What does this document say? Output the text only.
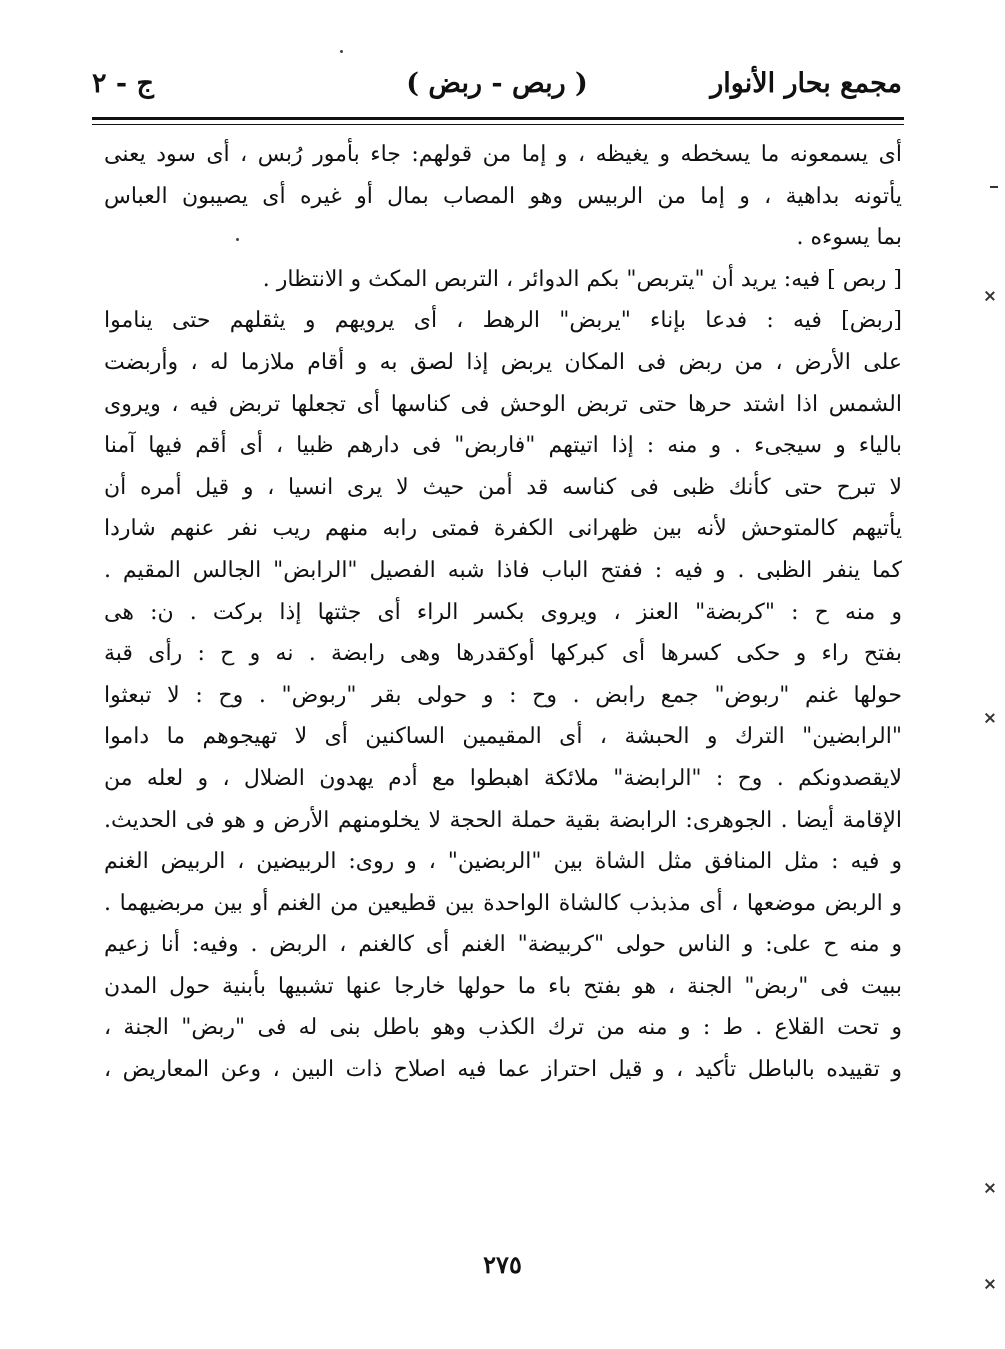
مجمع بحار الأنوار
( ربص - ربض )
ج - ٢
أى يسمعونه ما يسخطه و يغيظه ، و إما من قولهم: جاء بأمور رُبس ، أى سود يعنى
يأتونه بداهية ، و إما من الربيس وهو المصاب بمال أو غيره أى يصيبون العباس
بما يسوءه .
[ ربص ] فيه: يريد أن "يتربص" بكم الدوائر ، التربص المكث و الانتظار .
[ربض] فيه : فدعا بإناء "يربض" الرهط ، أى يرويهم و يثقلهم حتى يناموا
على الأرض ، من ربض فى المكان يربض إذا لصق به و أقام ملازما له ، وأربضت
الشمس اذا اشتد حرها حتى تربض الوحش فى كناسها أى تجعلها تربض فيه ، ويروى
بالياء و سيجىء . و منه : إذا اتيتهم "فاربض" فى دارهم ظبيا ، أى أقم فيها آمنا
لا تبرح حتى كأنك ظبى فى كناسه قد أمن حيث لا يرى انسيا ، و قيل أمره أن
يأتيهم كالمتوحش لأنه بين ظهرانى الكفرة فمتى رابه منهم ريب نفر عنهم شاردا
كما ينفر الظبى . و فيه : ففتح الباب فاذا شبه الفصيل "الرابض" الجالس المقيم .
و منه ح : "كربضة" العنز ، ويروى بكسر الراء أى جثتها إذا بركت . ن: هى
بفتح راء و حكى كسرها أى كبركها أوكقدرها وهى رابضة . نه و ح : رأى قبة
حولها غنم "ربوض" جمع رابض . وح : و حولى بقر "ربوض" . وح : لا تبعثوا
"الرابضين" الترك و الحبشة ، أى المقيمين الساكنين أى لا تهيجوهم ما داموا
لايقصدونكم . وح : "الرابضة" ملائكة اهبطوا مع أدم يهدون الضلال ، و لعله من
الإقامة أيضا . الجوهرى: الرابضة بقية حملة الحجة لا يخلومنهم الأرض و هو فى الحديث.
و فيه : مثل المنافق مثل الشاة بين "الربضين" ، و روى: الربيضين ، الربيض الغنم
و الربض موضعها ، أى مذبذب كالشاة الواحدة بين قطيعين من الغنم أو بين مربضيهما .
و منه ح على: و الناس حولى "كربيضة" الغنم أى كالغنم ، الربض . وفيه: أنا زعيم
ببيت فى "ربض" الجنة ، هو بفتح باء ما حولها خارجا عنها تشبيها بأبنية حول المدن
و تحت القلاع . ط : و منه من ترك الكذب وهو باطل بنى له فى "ربض" الجنة ،
و تقييده بالباطل تأكيد ، و قيل احتراز عما فيه اصلاح ذات البين ، وعن المعاريض ،
٢٧٥
